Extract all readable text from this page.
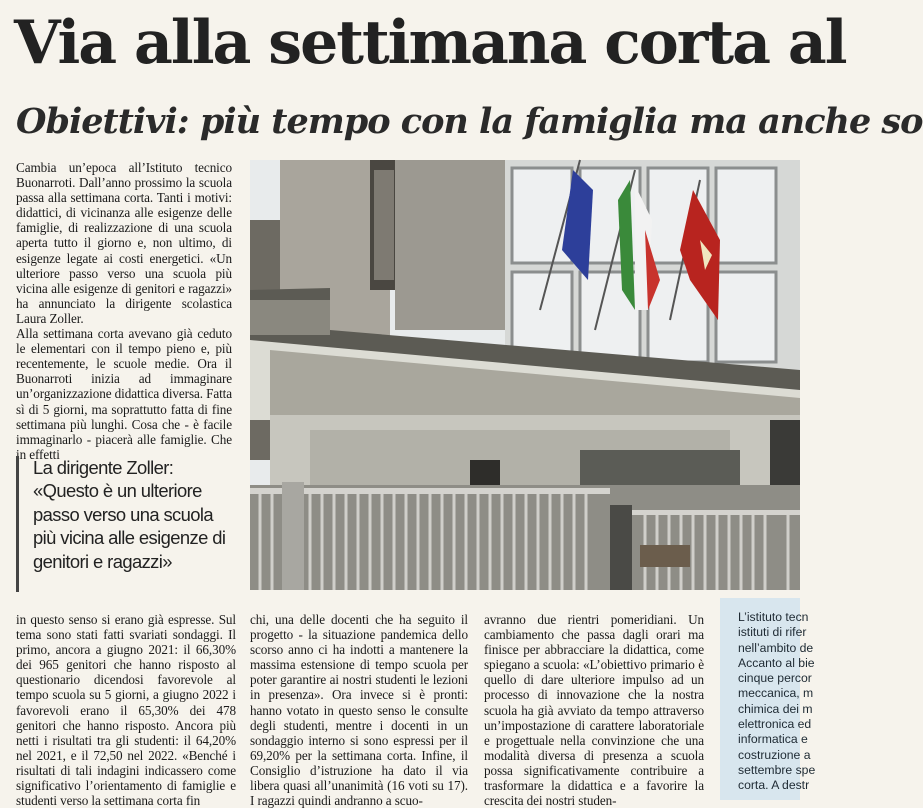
Via alla settimana corta al
Obiettivi: più tempo con la famiglia ma anche so

Cambia un’epoca all’Istituto tecnico Buonarroti. Dall’anno prossimo la scuola passa alla settimana corta. Tanti i motivi: didattici, di vicinanza alle esigenze delle famiglie, di realizzazione di una scuola aperta tutto il giorno e, non ultimo, di esigenze legate ai costi energetici. «Un ulteriore passo verso una scuola più vicina alle esigenze di genitori e ragazzi» ha annunciato la dirigente scolastica Laura Zoller.

Alla settimana corta avevano già ceduto le elementari con il tempo pieno e, più recentemente, le scuole medie. Ora il Buonarroti inizia ad immaginare un’organizzazione didattica diversa. Fatta sì di 5 giorni, ma soprattutto fatta di fine settimana più lunghi. Cosa che - è facile immaginarlo - piacerà alle famiglie. Che in effetti

La dirigente Zoller: «Questo è un ulteriore passo verso una scuola più vicina alle esigenze di genitori e ragazzi»

in questo senso si erano già espresse. Sul tema sono stati fatti svariati sondaggi. Il primo, ancora a giugno 2021: il 66,30% dei 965 genitori che hanno risposto al questionario dicendosi favorevole al tempo scuola su 5 giorni, a giugno 2022 i favorevoli erano il 65,30% dei 478 genitori che hanno risposto. Ancora più netti i risultati tra gli studenti: il 64,20% nel 2021, e il 72,50 nel 2022. «Benché i risultati di tali indagini indicassero come significativo l’orientamento di famiglie e studenti verso la settimana corta fin

chi, una delle docenti che ha seguito il progetto - la situazione pandemica dello scorso anno ci ha indotti a mantenere la massima estensione di tempo scuola per poter garantire ai nostri studenti le lezioni in presenza». Ora invece si è pronti: hanno votato in questo senso le consulte degli studenti, mentre i docenti in un sondaggio interno si sono espressi per il 69,20% per la settimana corta. Infine, il Consiglio d’istruzione ha dato il via libera quasi all’unanimità (16 voti su 17). I ragazzi quindi andranno a scuo-

avranno due rientri pomeridiani. Un cambiamento che passa dagli orari ma finisce per abbracciare la didattica, come spiegano a scuola: «L’obiettivo primario è quello di dare ulteriore impulso ad un processo di innovazione che la nostra scuola ha già avviato da tempo attraverso un’impostazione di carattere laboratoriale e progettuale nella convinzione che una modalità diversa di presenza a scuola possa significativamente contribuire a trasformare la didattica e a favorire la crescita dei nostri studen-

L’istituto tecn

istituti di rifer

nell’ambito de

Accanto al bie

cinque percor

meccanica, m

chimica dei m

elettronica ed

informatica e

costruzione a

settembre spe

corta. A destr
